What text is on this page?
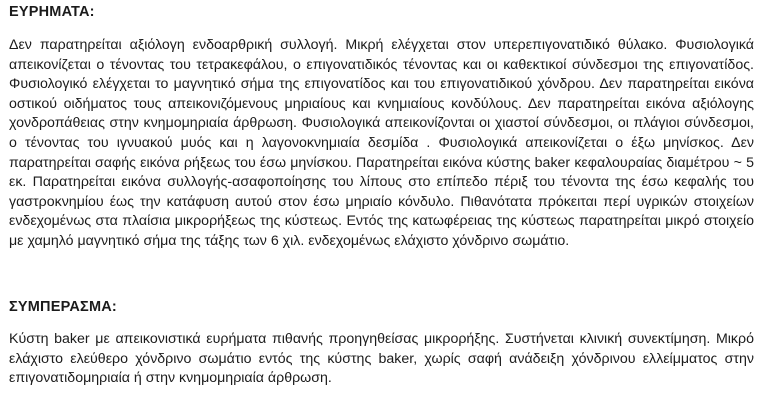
ΕΥΡΗΜΑΤΑ:

Δεν παρατηρείται αξιόλογη ενδοαρθρική συλλογή. Μικρή ελέγχεται στον υπερεπιγονατιδικό θύλακο. Φυσιολογικά απεικονίζεται ο τένοντας του τετρακεφάλου, ο επιγονατιδικός τένοντας και οι καθεκτικοί σύνδεσμοι της επιγονατίδος. Φυσιολογικό ελέγχεται το μαγνητικό σήμα της επιγονατίδος και του επιγονατιδικού χόνδρου. Δεν παρατηρείται εικόνα οστικού οιδήματος τους απεικονιζόμενους μηριαίους και κνημιαίους κονδύλους. Δεν παρατηρείται εικόνα αξιόλογης χονδροπάθειας στην κνημομηριαία άρθρωση. Φυσιολογικά απεικονίζονται οι χιαστοί σύνδεσμοι, οι πλάγιοι σύνδεσμοι, ο τένοντας του ιγνυακού μυός και η λαγονοκνημιαία δεσμίδα . Φυσιολογικά απεικονίζεται ο έξω μηνίσκος. Δεν παρατηρείται σαφής εικόνα ρήξεως του έσω μηνίσκου. Παρατηρείται εικόνα κύστης baker κεφαλουραίας διαμέτρου ~ 5 εκ. Παρατηρείται εικόνα συλλογής-ασαφοποίησης του λίπους στο επίπεδο πέριξ του τένοντα της έσω κεφαλής του γαστροκνημίου έως την κατάφυση αυτού στον έσω μηριαίο κόνδυλο. Πιθανότατα πρόκειται περί υγρικών στοιχείων ενδεχομένως στα πλαίσια μικρορήξεως της κύστεως. Εντός της κατωφέρειας της κύστεως παρατηρείται μικρό στοιχείο με χαμηλό μαγνητικό σήμα της τάξης των 6 χιλ. ενδεχομένως ελάχιστο χόνδρινο σωμάτιο.

ΣΥΜΠΕΡΑΣΜΑ:

Κύστη baker με απεικονιστικά ευρήματα πιθανής προηγηθείσας μικρορήξης. Συστήνεται κλινική συνεκτίμηση. Μικρό ελάχιστο ελεύθερο χόνδρινο σωμάτιο εντός της κύστης baker, χωρίς σαφή ανάδειξη χόνδρινου ελλείμματος στην επιγονατιδομηριαία ή στην κνημομηριαία άρθρωση.
